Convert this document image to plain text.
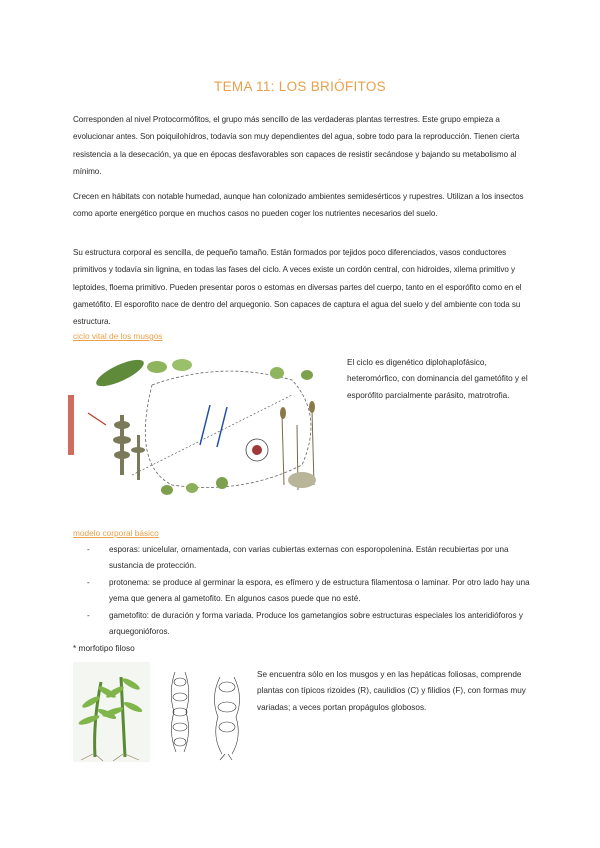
TEMA 11: LOS BRIÓFITOS
Corresponden al nivel Protocormófitos, el grupo más sencillo de las verdaderas plantas terrestres. Este grupo empieza a evolucionar antes. Son poiquilohídros, todavía son muy dependientes del agua, sobre todo para la reproducción. Tienen cierta resistencia a la desecación, ya que en épocas desfavorables son capaces de resistir secándose y bajando su metabolismo al mínimo.
Crecen en hábitats con notable humedad, aunque han colonizado ambientes semidesérticos y rupestres. Utilizan a los insectos como aporte energético porque en muchos casos no pueden coger los nutrientes necesarios del suelo.
Su estructura corporal es sencilla, de pequeño tamaño. Están formados por tejidos poco diferenciados, vasos conductores primitivos y todavía sin lignina, en todas las fases del ciclo. A veces existe un cordón central, con hidroides, xilema primitivo y leptoides, floema primitivo. Pueden presentar poros o estomas en diversas partes del cuerpo, tanto en el esporófito como en el gametófito. El esporofito nace de dentro del arquegonio. Son capaces de captura el agua del suelo y del ambiente con toda su estructura.
ciclo vital de los musgos
El ciclo es digenético diplohaplofásico, heteromórfico, con dominancia del gametófito y el esporófito parcialmente parásito, matrotrofia.
modelo corporal básico
- esporas: unicelular, ornamentada, con varias cubiertas externas con esporopolenina. Están recubiertas por una sustancia de protección.
- protonema: se produce al germinar la espora, es efímero y de estructura filamentosa o laminar. Por otro lado hay una yema que genera al gametofito. En algunos casos puede que no esté.
- gametofito: de duración y forma variada. Produce los gametangios sobre estructuras especiales los anteridióforos y arquegonióforos.
* morfotipo filoso
Se encuentra sólo en los musgos y en las hepáticas foliosas, comprende plantas con típicos rizoides (R), caulidios (C) y filidios (F), con formas muy variadas; a veces portan propágulos globosos.
